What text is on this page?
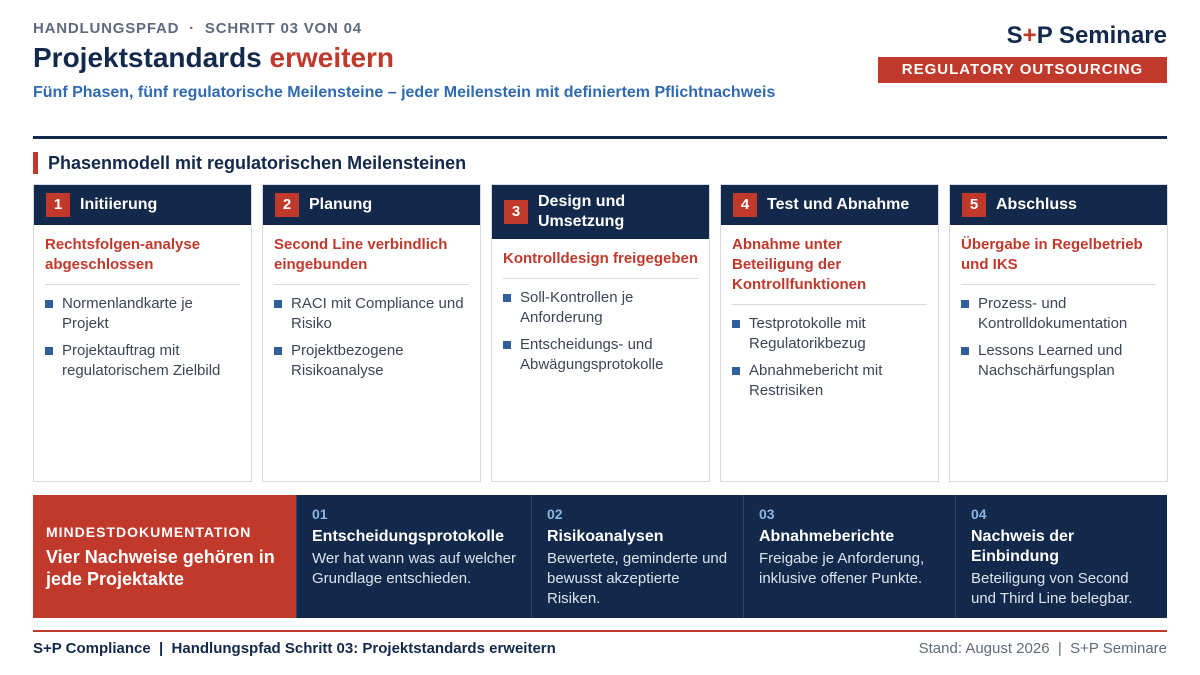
HANDLUNGSPFAD  ·  SCHRITT 03 VON 04
Projektstandards erweitern
Fünf Phasen, fünf regulatorische Meilensteine – jeder Meilenstein mit definiertem Pflichtnachweis
S+P Seminare
REGULATORY OUTSOURCING
Phasenmodell mit regulatorischen Meilensteinen
1	Initiierung
Rechtsfolgen-analyse abgeschlossen
Normenlandkarte je Projekt
Projektauftrag mit regulatorischem Zielbild
2	Planung
Second Line verbindlich eingebunden
RACI mit Compliance und Risiko
Projektbezogene Risikoanalyse
3
Design und Umsetzung
Kontrolldesign freigegeben
Soll-Kontrollen je Anforderung
Entscheidungs- und Abwägungsprotokolle
4	Test und Abnahme
Abnahme unter Beteiligung der Kontrollfunktionen
Testprotokolle mit Regulatorikbezug
Abnahmebericht mit Restrisiken
5	Abschluss
Übergabe in Regelbetrieb und IKS
Prozess- und Kontrolldokumentation
Lessons Learned und Nachschärfungsplan
MINDESTDOKUMENTATION
Vier Nachweise gehören in jede Projektakte
01
Entscheidungsprotokolle
Wer hat wann was auf welcher Grundlage entschieden.
02
Risikoanalysen
Bewertete, geminderte und bewusst akzeptierte Risiken.
03
Abnahmeberichte
Freigabe je Anforderung, inklusive offener Punkte.
04
Nachweis der Einbindung
Beteiligung von Second und Third Line belegbar.
S+P Compliance  |  Handlungspfad Schritt 03: Projektstandards erweitern	Stand: August 2026  |  S+P Seminare
